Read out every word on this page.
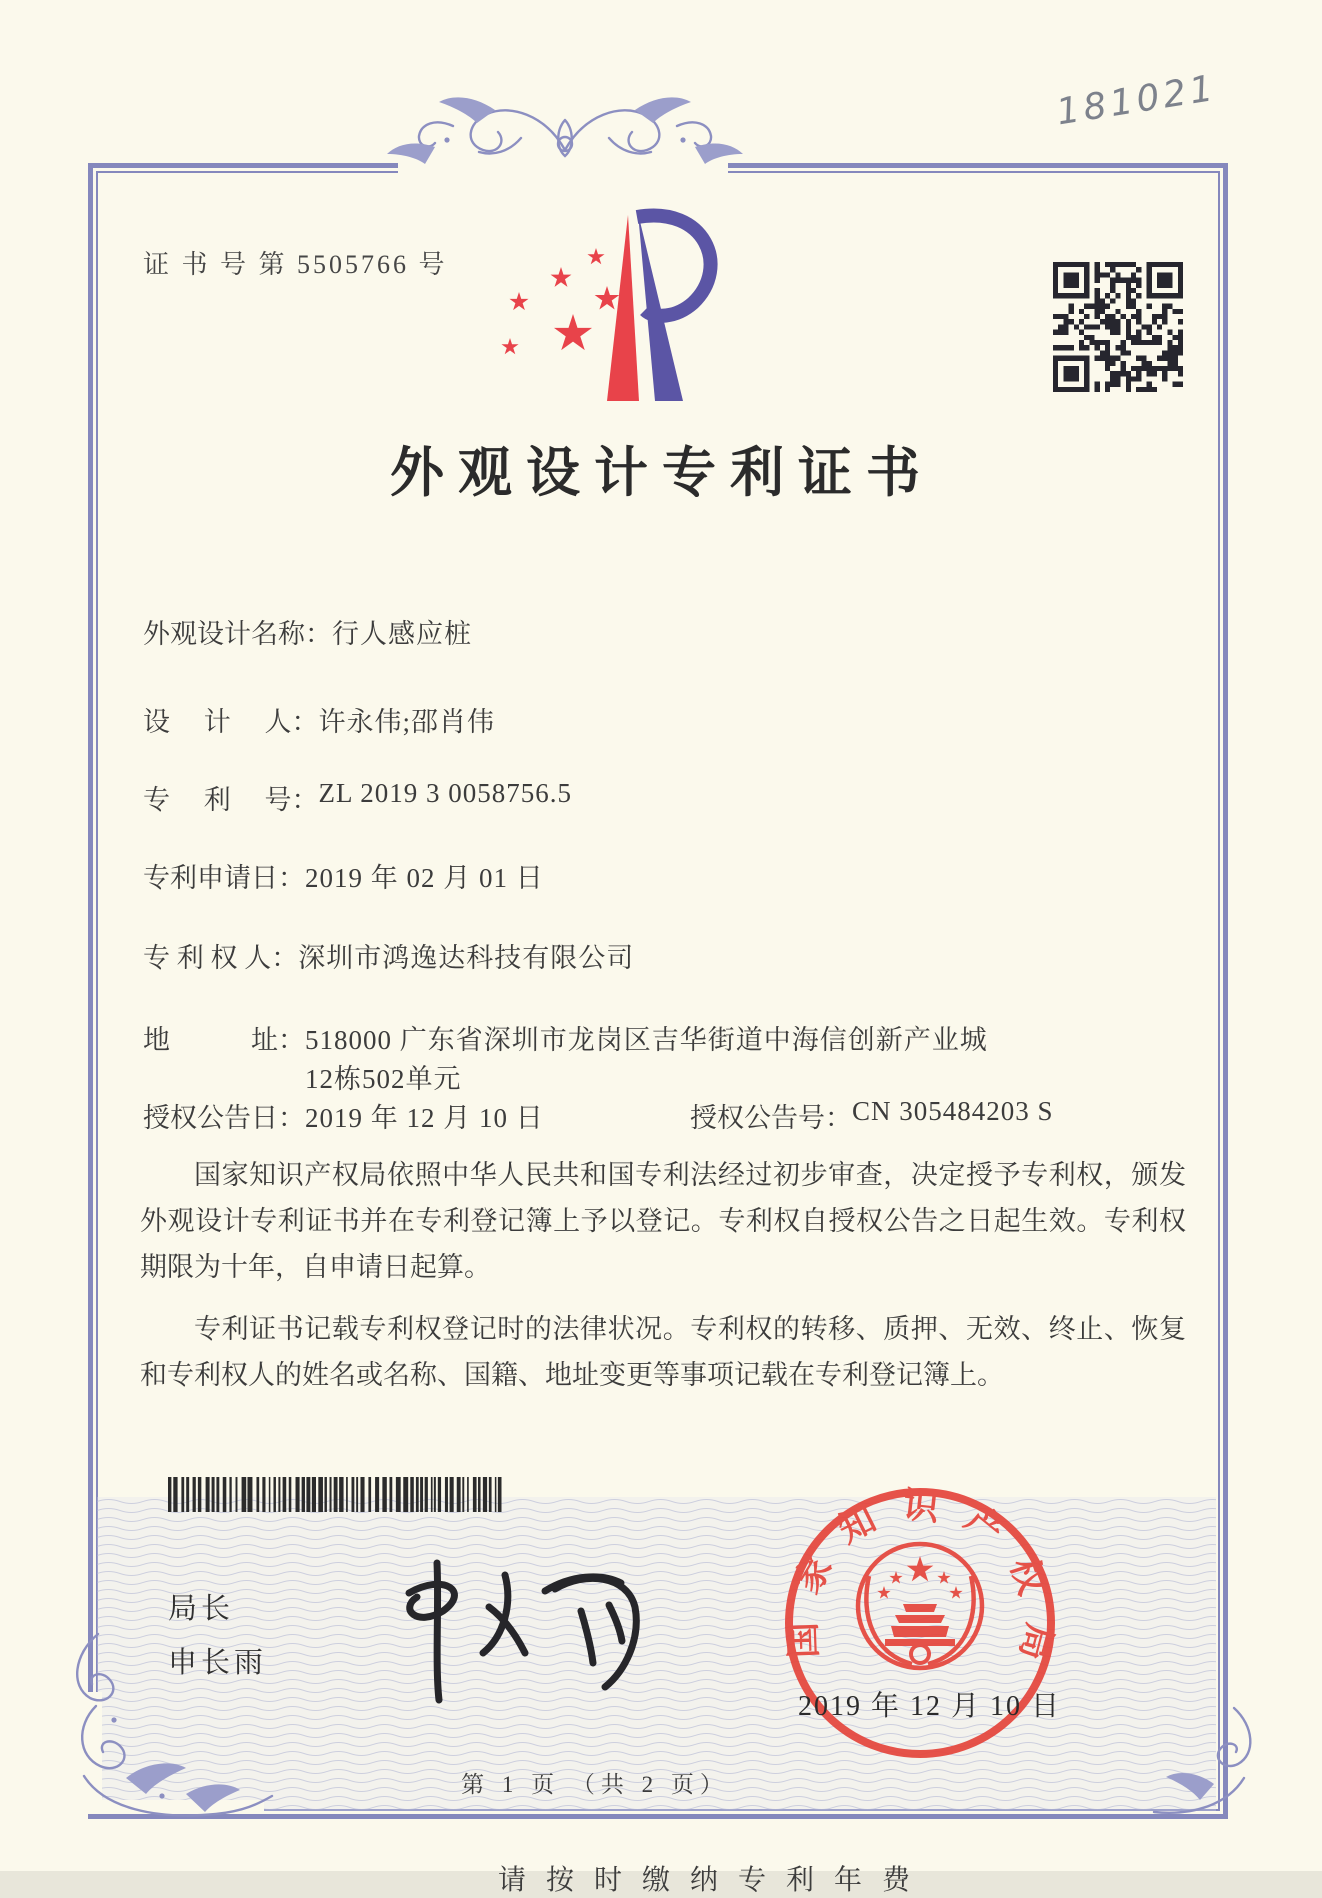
181021
证 书 号 第 5505766 号
外观设计专利证书
外观设计名称： 行人感应桩
设　 计　 人： 许永伟;邵肖伟
专　 利　 号： ZL 2019 3 0058756.5
专利申请日： 2019 年 02 月 01 日
专 利 权 人： 深圳市鸿逸达科技有限公司
地　　　址： 518000 广东省深圳市龙岗区吉华街道中海信创新产业城12栋502单元
授权公告日： 2019 年 12 月 10 日	授权公告号： CN 305484203 S

国家知识产权局依照中华人民共和国专利法经过初步审查，决定授予专利权，颁发外观设计专利证书并在专利登记簿上予以登记。专利权自授权公告之日起生效。专利权期限为十年，自申请日起算。

专利证书记载专利权登记时的法律状况。专利权的转移、质押、无效、终止、恢复和专利权人的姓名或名称、国籍、地址变更等事项记载在专利登记簿上。

局长
申长雨
国家知识产权局
2019 年 12 月 10 日
第 1 页 （共 2 页）
请按时缴纳专利年费
